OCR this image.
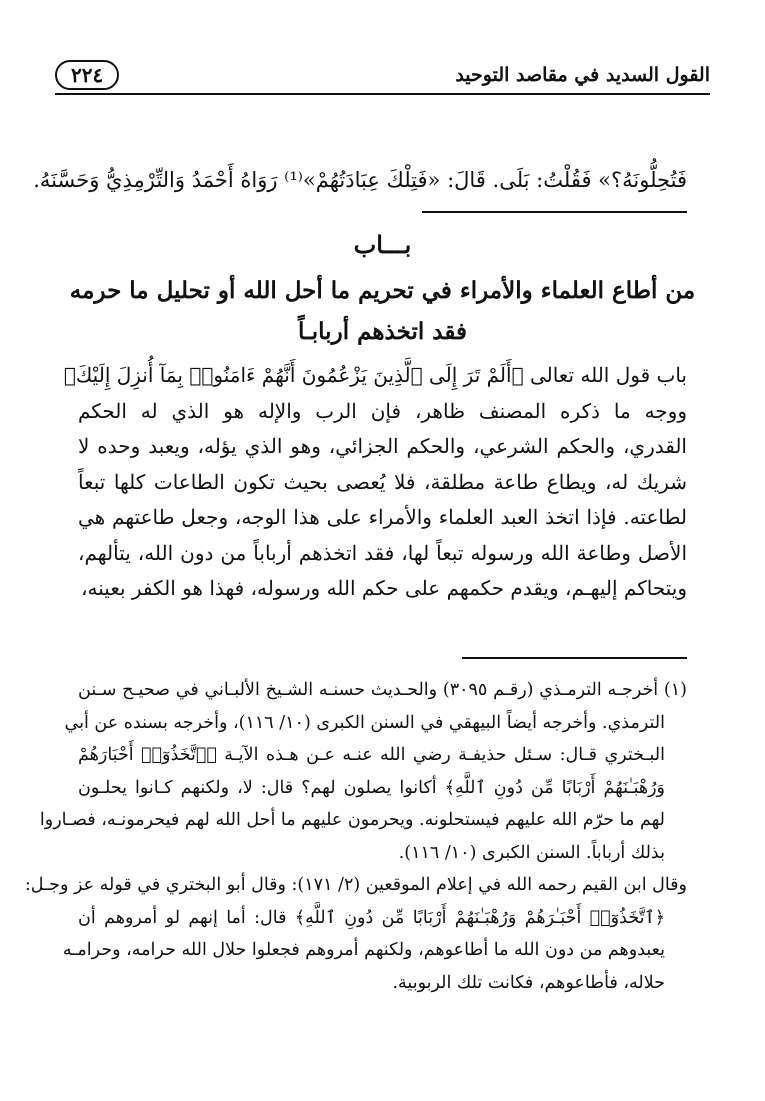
القول السديد في مقاصد التوحيد
٢٢٤
فَتُحِلُّونَهُ؟» فَقُلْتُ: بَلَى. قَالَ: «فَتِلْكَ عِبَادَتُهُمْ»⁽¹⁾ رَوَاهُ أَحْمَدُ وَالتِّرْمِذِيُّ وَحَسَّنَهُ.
بـــاب
من أطاع العلماء والأمراء في تحريم ما أحل الله أو تحليل ما حرمه
فقد اتخذهم أربابـاً
باب قول الله تعالى ﴿أَلَمْ تَرَ إِلَى ٱلَّذِينَ يَزْعُمُونَ أَنَّهُمْ ءَامَنُوا۟ بِمَآ أُنزِلَ إِلَيْكَ﴾
ووجه ما ذكره المصنف ظاهر، فإن الرب والإله هو الذي له الحكم
القدري، والحكم الشرعي، والحكم الجزائي، وهو الذي يؤله، ويعبد وحده لا
شريك له، ويطاع طاعة مطلقة، فلا يُعصى بحيث تكون الطاعات كلها تبعاً
لطاعته. فإذا اتخذ العبد العلماء والأمراء على هذا الوجه، وجعل طاعتهم هي
الأصل وطاعة الله ورسوله تبعاً لها، فقد اتخذهم أرباباً من دون الله، يتألهم،
ويتحاكم إليهـم، ويقدم حكمهم على حكم الله ورسوله، فهذا هو الكفر بعينه،
(١) أخرجـه الترمـذي (رقـم ٣٠٩٥) والحـديث حسنـه الشـيخ الألبـاني في صحيـح سـنن
الترمذي. وأخرجه أيضاً البيهقي في السنن الكبرى (١٠/ ١١٦)، وأخرجه بسنده عن أبي
البـختري قـال: سـئل حذيفـة رضي الله عنـه عـن هـذه الآيـة ﴿ٱتَّخَذُوٓا۟ أَحْبَارَهُمْ
وَرُهْبَـٰنَهُمْ أَرْبَابًا مِّن دُونِ ٱللَّهِ﴾ أكانوا يصلون لهم؟ قال: لا، ولكنهم كـانوا يحلـون
لهم ما حرّم الله عليهم فيستحلونه. ويحرمون عليهم ما أحل الله لهم فيحرمونـه، فصـاروا
بذلك أرباباً. السنن الكبرى (١٠/ ١١٦).
وقال ابن القيم رحمه الله في إعلام الموقعين (٢/ ١٧١): وقال أبو البختري في قوله عز وجـل:
﴿ٱتَّخَذُوٓا۟ أَحْبَـٰرَهُمْ وَرُهْبَـٰنَهُمْ أَرْبَابًا مِّن دُونِ ٱللَّهِ﴾ قال: أما إنهم لو أمروهم أن
يعبدوهم من دون الله ما أطاعوهم، ولكنهم أمروهم فجعلوا حلال الله حرامه، وحرامـه
حلاله، فأطاعوهم، فكانت تلك الربوبية.
